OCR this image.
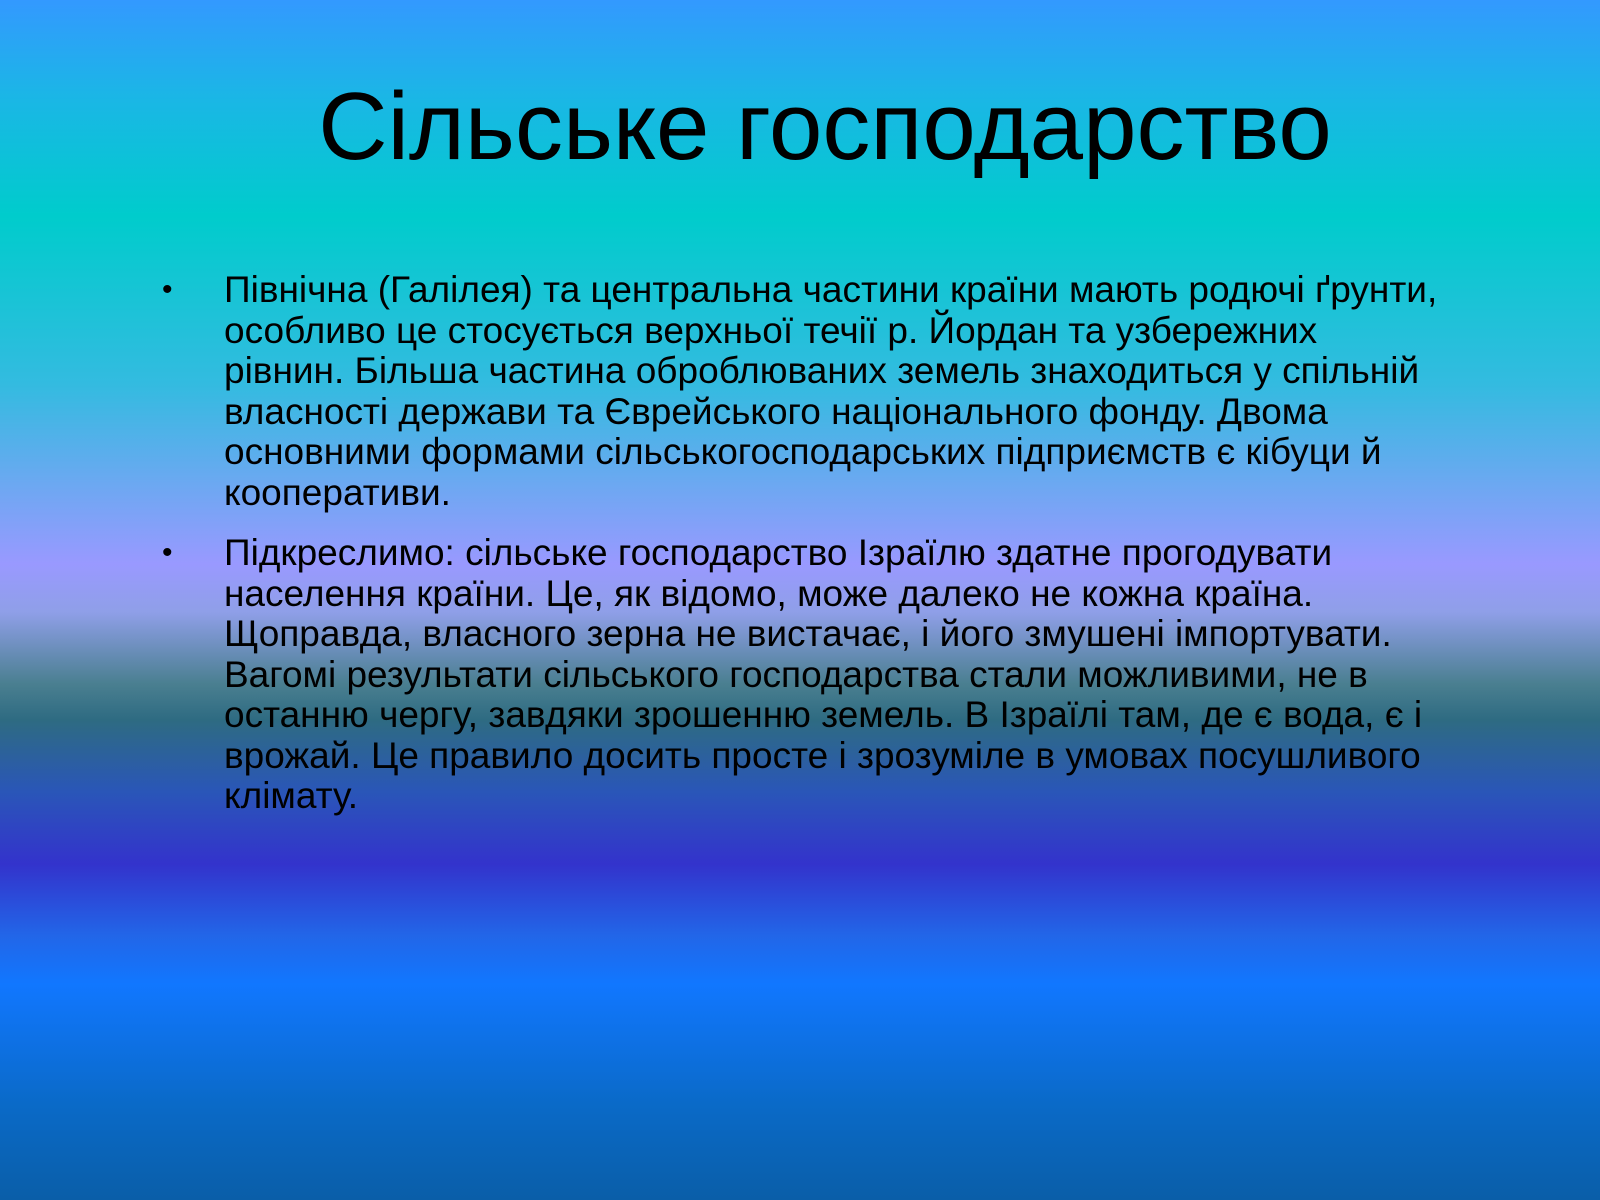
Сільське господарство
• Північна (Галілея) та центральна частини країни мають родючі ґрунти, особливо це стосується верхньої течії р. Йордан та узбережних рівнин. Більша частина оброблюваних земель знаходиться у спільній власності держави та Єврейського національного фонду. Двома основними формами сільськогосподарських підприємств є кібуци й кооперативи.
• Підкреслимо: сільське господарство Ізраїлю здатне прогодувати населення країни. Це, як відомо, може далеко не кожна країна. Щоправда, власного зерна не вистачає, і його змушені імпортувати. Вагомі результати сільського господарства стали можливими, не в останню чергу, завдяки зрошенню земель. В Ізраїлі там, де є вода, є і врожай. Це правило досить просте і зрозуміле в умовах посушливого клімату.
